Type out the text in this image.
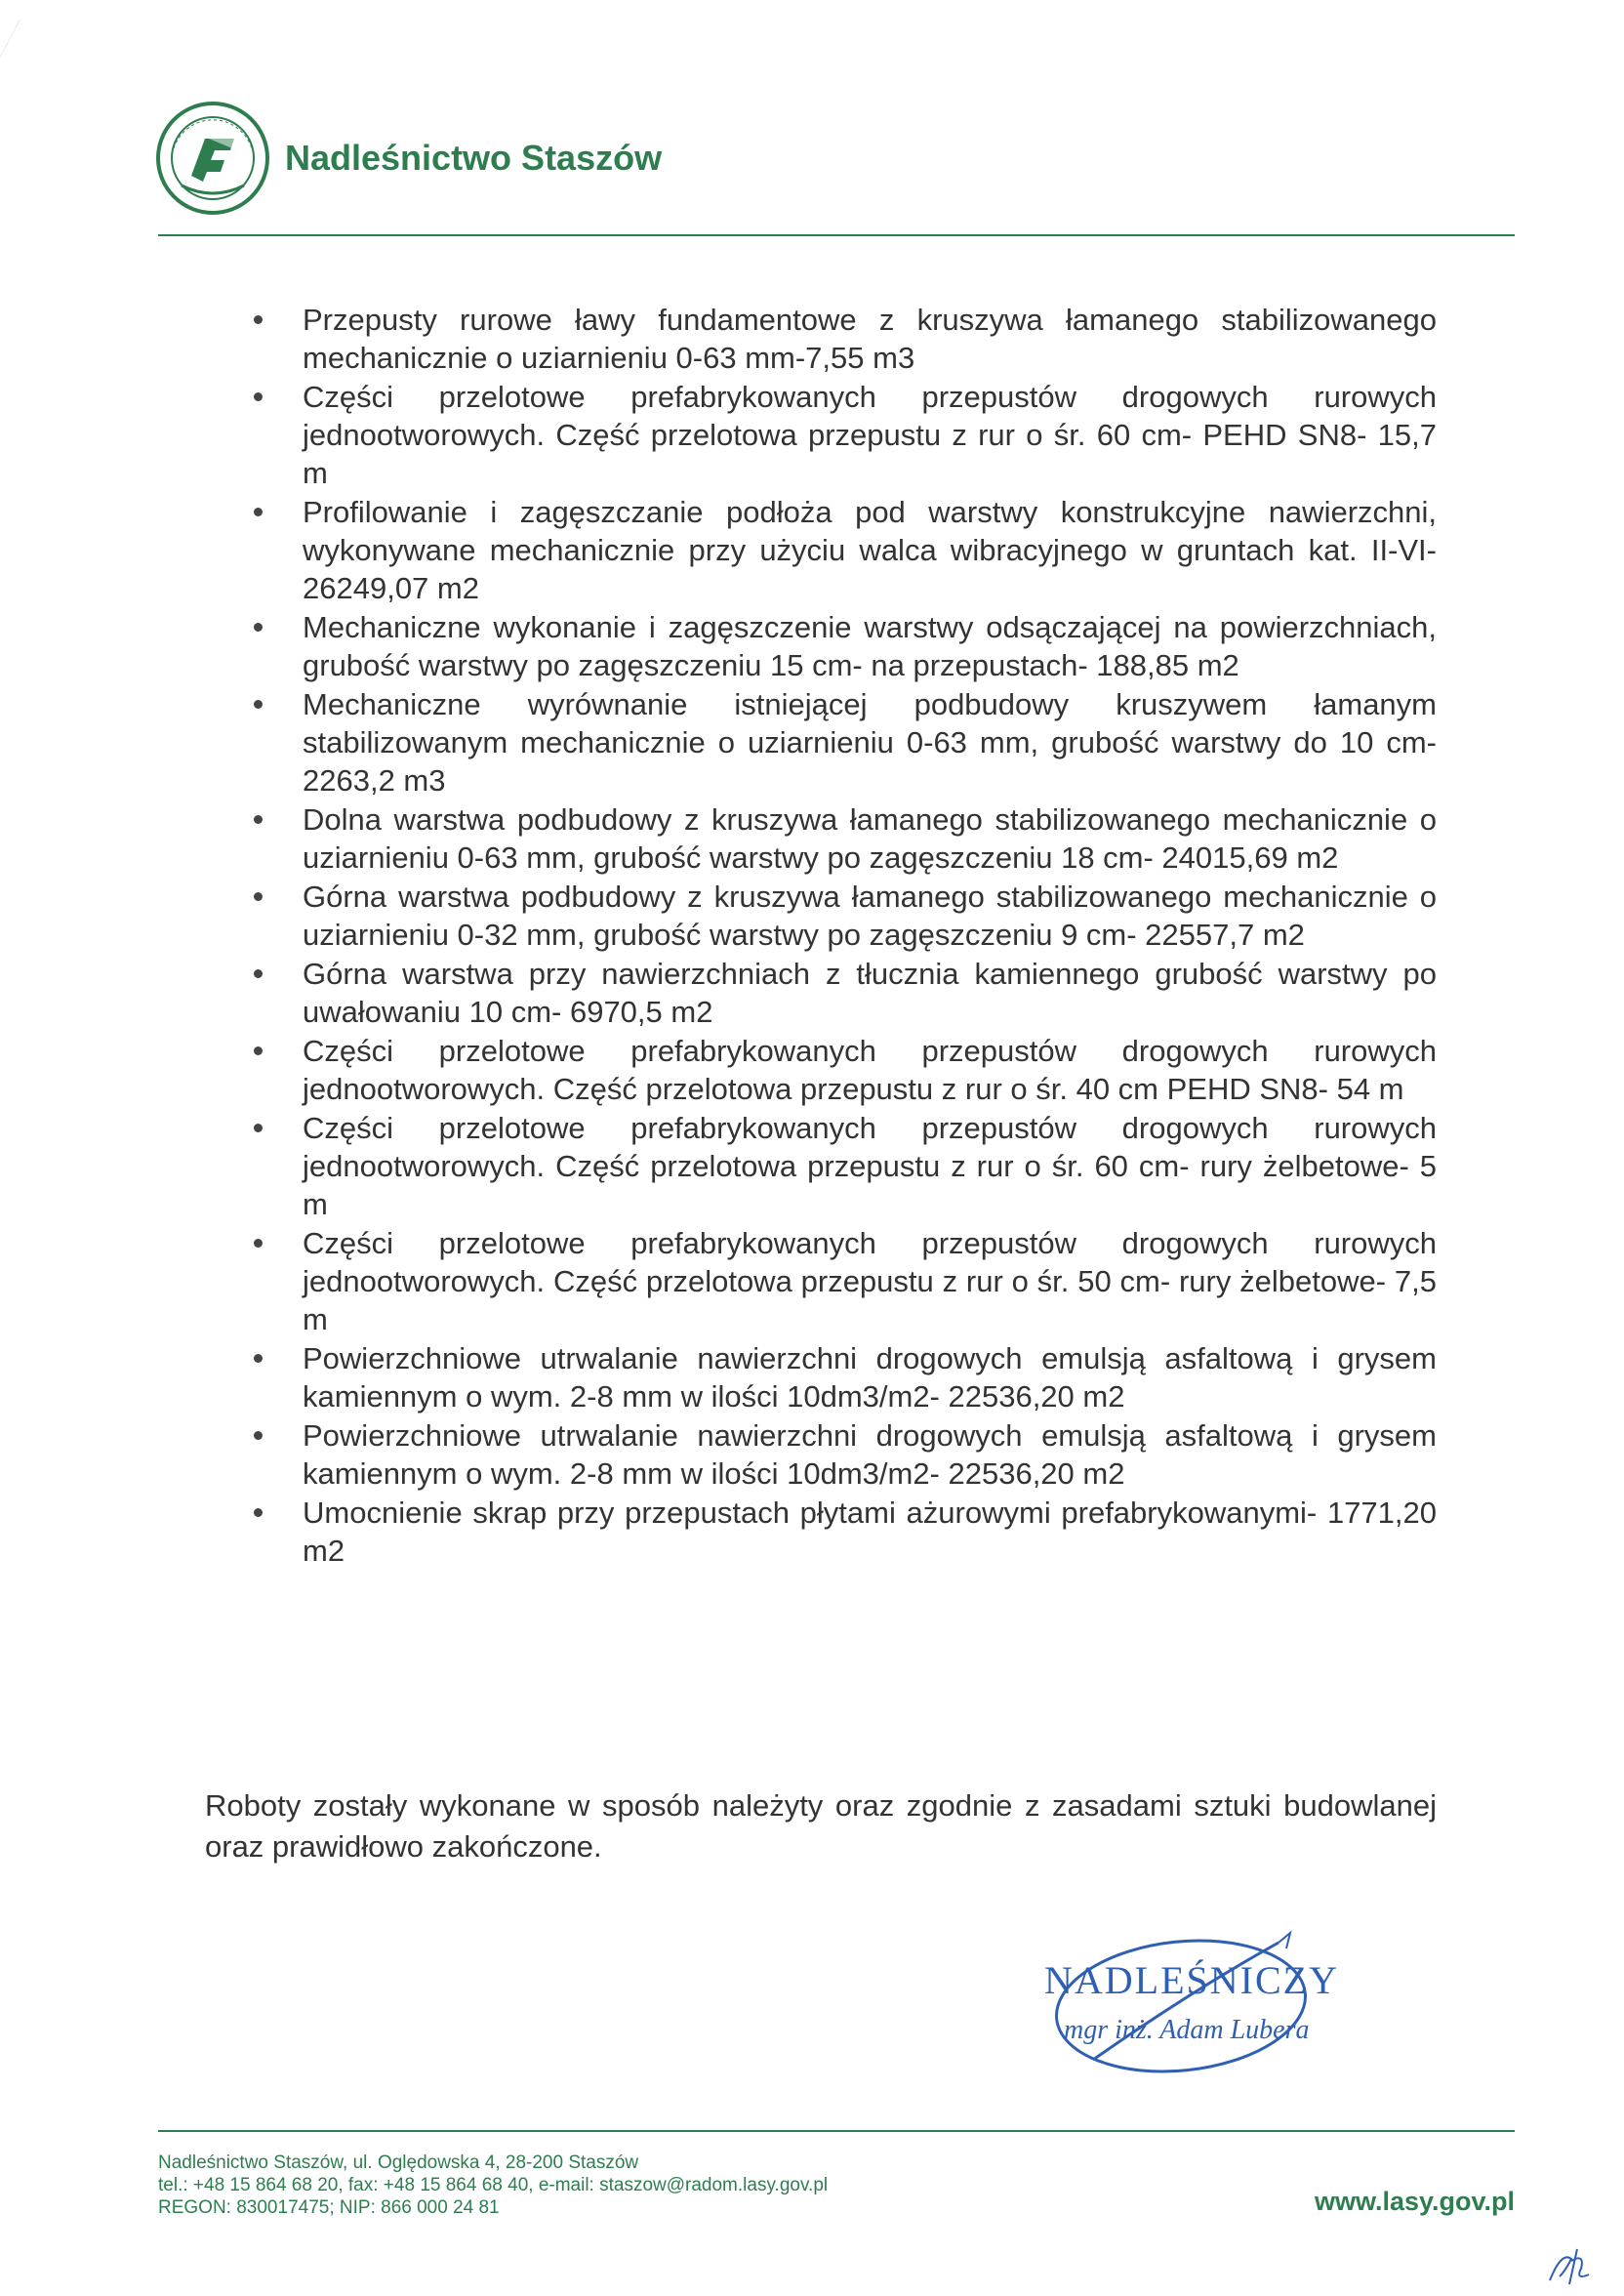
Nadleśnictwo Staszów
Przepusty rurowe ławy fundamentowe z kruszywa łamanego stabilizowanego mechanicznie o uziarnieniu 0-63 mm-7,55 m3
Części przelotowe prefabrykowanych przepustów drogowych rurowych jednootworowych. Część przelotowa przepustu z rur o śr. 60 cm- PEHD SN8- 15,7 m
Profilowanie i zagęszczanie podłoża pod warstwy konstrukcyjne nawierzchni, wykonywane mechanicznie przy użyciu walca wibracyjnego w gruntach kat. II-VI- 26249,07 m2
Mechaniczne wykonanie i zagęszczenie warstwy odsączającej na powierzchniach, grubość warstwy po zagęszczeniu 15 cm- na przepustach- 188,85 m2
Mechaniczne wyrównanie istniejącej podbudowy kruszywem łamanym stabilizowanym mechanicznie o uziarnieniu 0-63 mm, grubość warstwy do 10 cm- 2263,2 m3
Dolna warstwa podbudowy z kruszywa łamanego stabilizowanego mechanicznie o uziarnieniu 0-63 mm, grubość warstwy po zagęszczeniu 18 cm- 24015,69 m2
Górna warstwa podbudowy z kruszywa łamanego stabilizowanego mechanicznie o uziarnieniu 0-32 mm, grubość warstwy po zagęszczeniu 9 cm- 22557,7 m2
Górna warstwa przy nawierzchniach z tłucznia kamiennego grubość warstwy po uwałowaniu 10 cm- 6970,5 m2
Części przelotowe prefabrykowanych przepustów drogowych rurowych jednootworowych. Część przelotowa przepustu z rur o śr. 40 cm PEHD SN8- 54 m
Części przelotowe prefabrykowanych przepustów drogowych rurowych jednootworowych. Część przelotowa przepustu z rur o śr. 60 cm- rury żelbetowe- 5 m
Części przelotowe prefabrykowanych przepustów drogowych rurowych jednootworowych. Część przelotowa przepustu z rur o śr. 50 cm- rury żelbetowe- 7,5 m
Powierzchniowe utrwalanie nawierzchni drogowych emulsją asfaltową i grysem kamiennym o wym. 2-8 mm w ilości 10dm3/m2- 22536,20 m2
Powierzchniowe utrwalanie nawierzchni drogowych emulsją asfaltową i grysem kamiennym o wym. 2-8 mm w ilości 10dm3/m2- 22536,20 m2
Umocnienie skrap przy przepustach płytami ażurowymi prefabrykowanymi- 1771,20 m2

Roboty zostały wykonane w sposób należyty oraz zgodnie z zasadami sztuki budowlanej oraz prawidłowo zakończone.

NADLEŚNICZY
mgr inż. Adam Lubera
Nadleśnictwo Staszów, ul. Oględowska 4, 28-200 Staszów
tel.: +48 15 864 68 20, fax: +48 15 864 68 40, e-mail: staszow@radom.lasy.gov.pl
REGON: 830017475; NIP: 866 000 24 81	www.lasy.gov.pl
